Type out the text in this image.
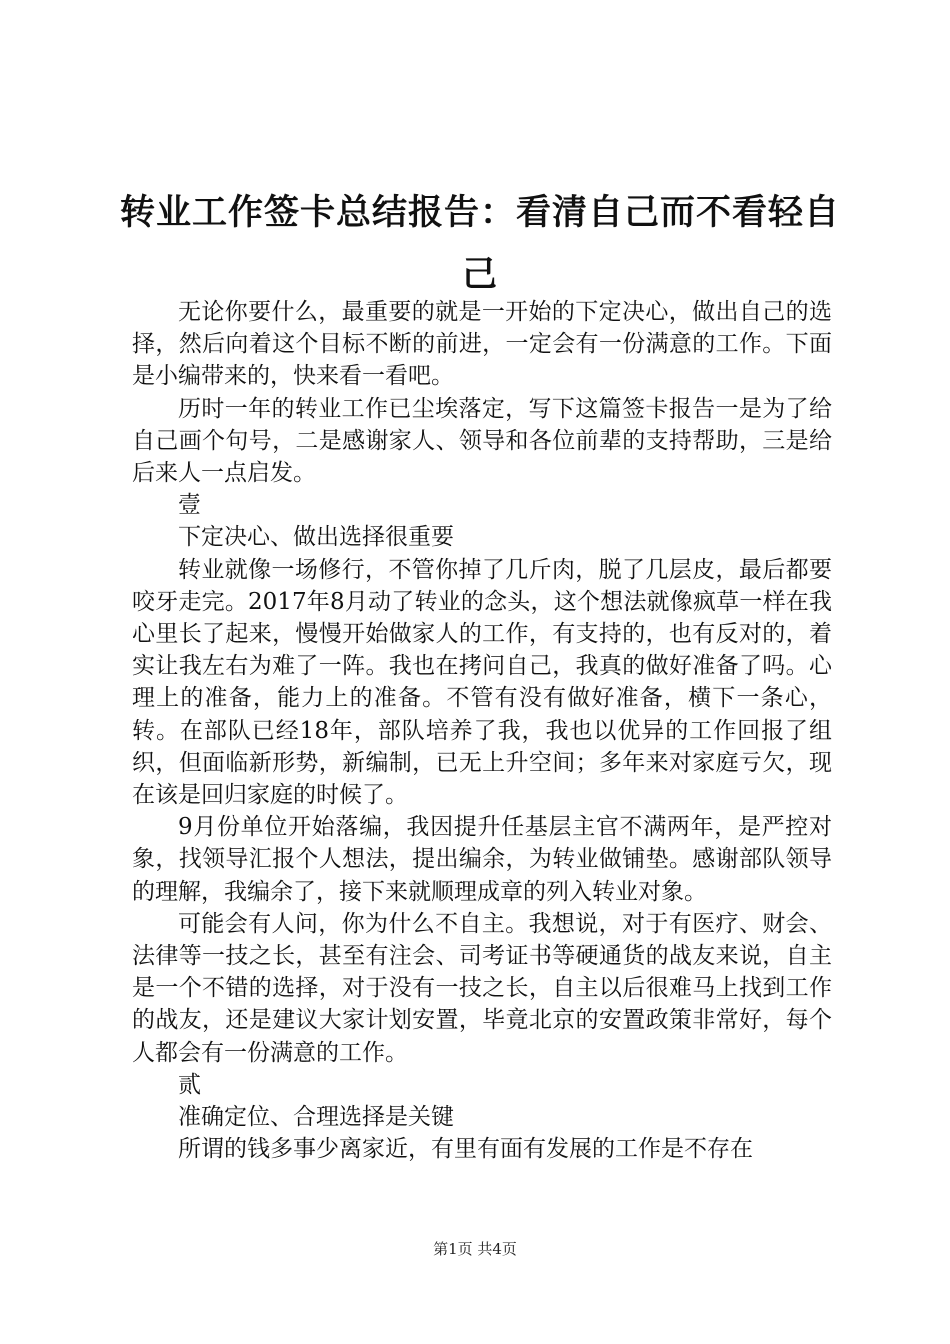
转业工作签卡总结报告：看清自己而不看轻自己

无论你要什么，最重要的就是一开始的下定决心，做出自己的选择，然后向着这个目标不断的前进，一定会有一份满意的工作。下面是小编带来的，快来看一看吧。

历时一年的转业工作已尘埃落定，写下这篇签卡报告一是为了给自己画个句号，二是感谢家人、领导和各位前辈的支持帮助，三是给后来人一点启发。

壹

下定决心、做出选择很重要

转业就像一场修行，不管你掉了几斤肉，脱了几层皮，最后都要咬牙走完。2017年8月动了转业的念头，这个想法就像疯草一样在我心里长了起来，慢慢开始做家人的工作，有支持的，也有反对的，着实让我左右为难了一阵。我也在拷问自己，我真的做好准备了吗。心理上的准备，能力上的准备。不管有没有做好准备，横下一条心，转。在部队已经18年，部队培养了我，我也以优异的工作回报了组织，但面临新形势，新编制，已无上升空间；多年来对家庭亏欠，现在该是回归家庭的时候了。

9月份单位开始落编，我因提升任基层主官不满两年，是严控对象，找领导汇报个人想法，提出编余，为转业做铺垫。感谢部队领导的理解，我编余了，接下来就顺理成章的列入转业对象。

可能会有人问，你为什么不自主。我想说，对于有医疗、财会、法律等一技之长，甚至有注会、司考证书等硬通货的战友来说，自主是一个不错的选择，对于没有一技之长，自主以后很难马上找到工作的战友，还是建议大家计划安置，毕竟北京的安置政策非常好，每个人都会有一份满意的工作。

贰

准确定位、合理选择是关键

所谓的钱多事少离家近，有里有面有发展的工作是不存在

第1页 共4页
